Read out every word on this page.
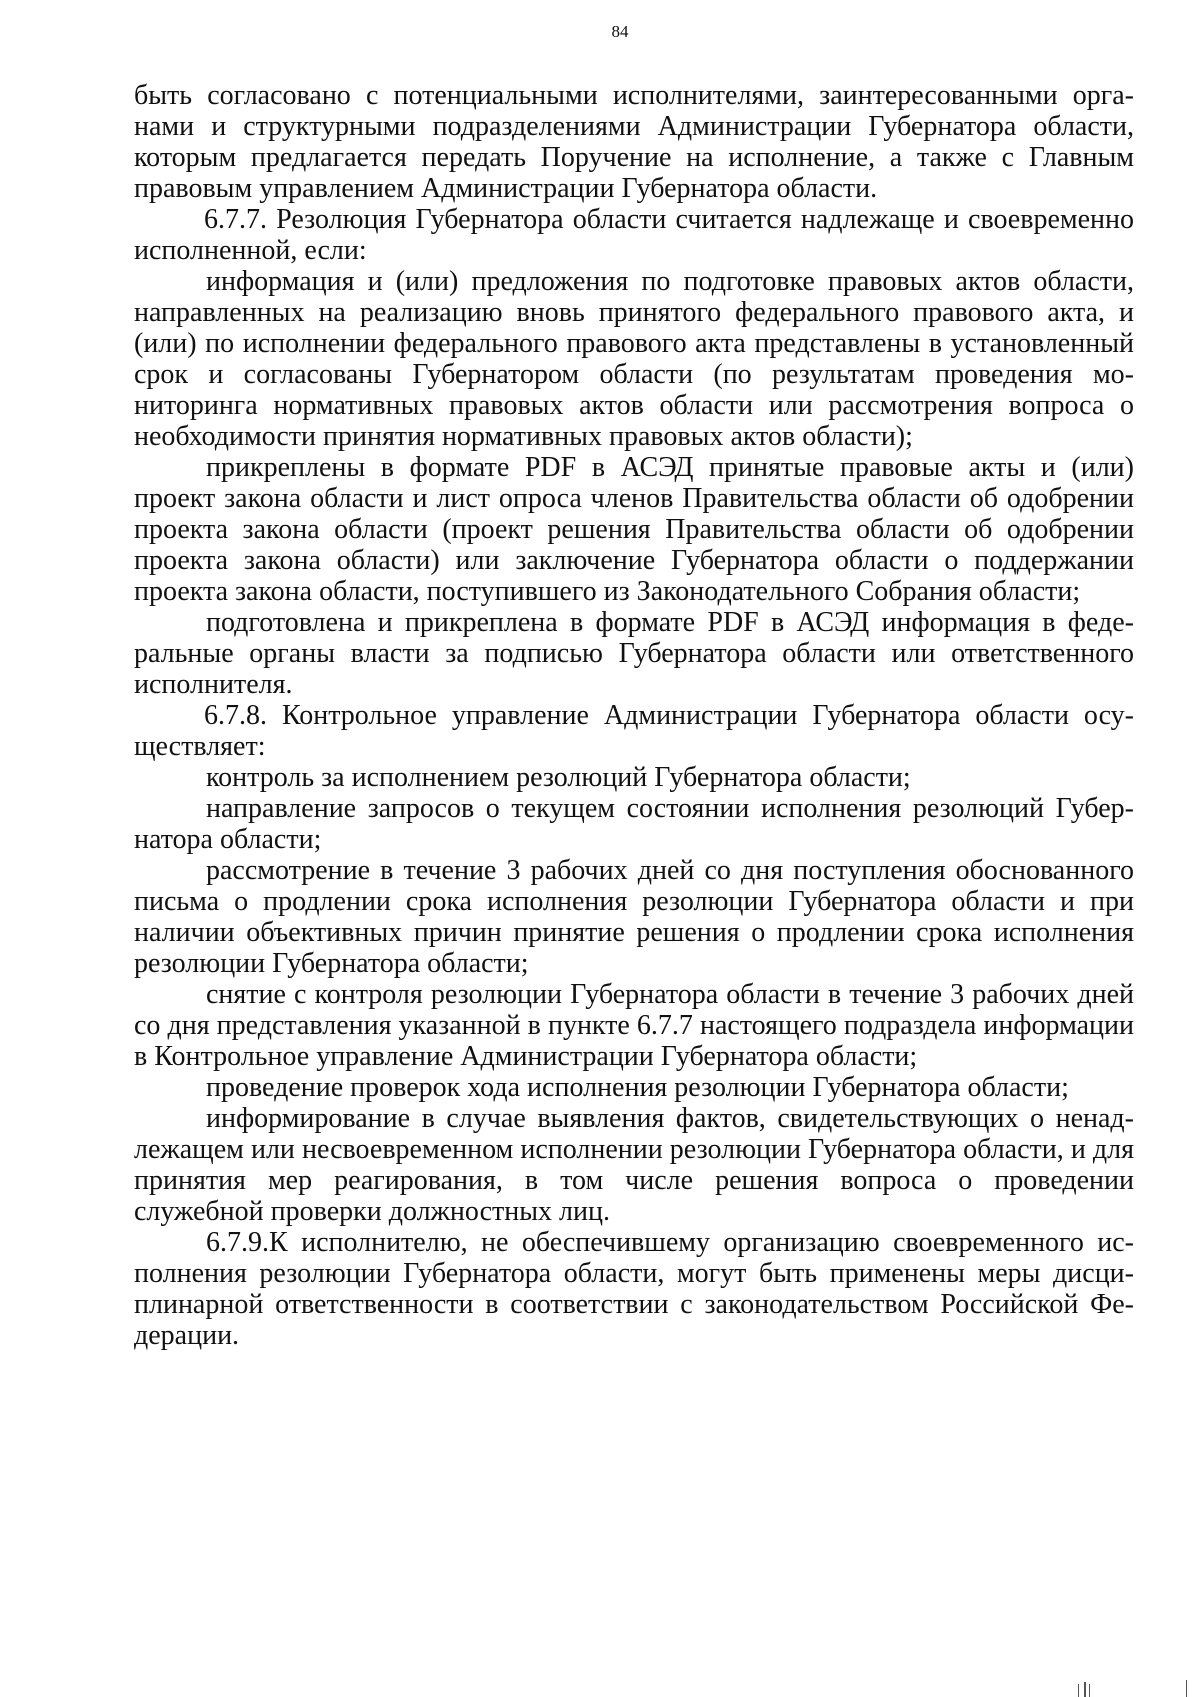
84

быть согласовано с потенциальными исполнителями, заинтересованными органами и структурными подразделениями Администрации Губернатора области, которым предлагается передать Поручение на исполнение, а также с Главным правовым управлением Администрации Губернатора области.

6.7.7. Резолюция Губернатора области считается надлежаще и своевременно исполненной, если:

информация и (или) предложения по подготовке правовых актов области, направленных на реализацию вновь принятого федерального правового акта, и (или) по исполнении федерального правового акта представлены в установленный срок и согласованы Губернатором области (по результатам проведения мониторинга нормативных правовых актов области или рассмотрения вопроса о необходимости принятия нормативных правовых актов области);

прикреплены в формате PDF в АСЭД принятые правовые акты и (или) проект закона области и лист опроса членов Правительства области об одобрении проекта закона области (проект решения Правительства области об одобрении проекта закона области) или заключение Губернатора области о поддержании проекта закона области, поступившего из Законодательного Собрания области;

подготовлена и прикреплена в формате PDF в АСЭД информация в федеральные органы власти за подписью Губернатора области или ответственного исполнителя.

6.7.8. Контрольное управление Администрации Губернатора области осуществляет:

контроль за исполнением резолюций Губернатора области;

направление запросов о текущем состоянии исполнения резолюций Губернатора области;

рассмотрение в течение 3 рабочих дней со дня поступления обоснованного письма о продлении срока исполнения резолюции Губернатора области и при наличии объективных причин принятие решения о продлении срока исполнения резолюции Губернатора области;

снятие с контроля резолюции Губернатора области в течение 3 рабочих дней со дня представления указанной в пункте 6.7.7 настоящего подраздела информации в Контрольное управление Администрации Губернатора области;

проведение проверок хода исполнения резолюции Губернатора области;

информирование в случае выявления фактов, свидетельствующих о ненадлежащем или несвоевременном исполнении резолюции Губернатора области, и для принятия мер реагирования, в том числе решения вопроса о проведении служебной проверки должностных лиц.

6.7.9.К исполнителю, не обеспечившему организацию своевременного исполнения резолюции Губернатора области, могут быть применены меры дисциплинарной ответственности в соответствии с законодательством Российской Федерации.
